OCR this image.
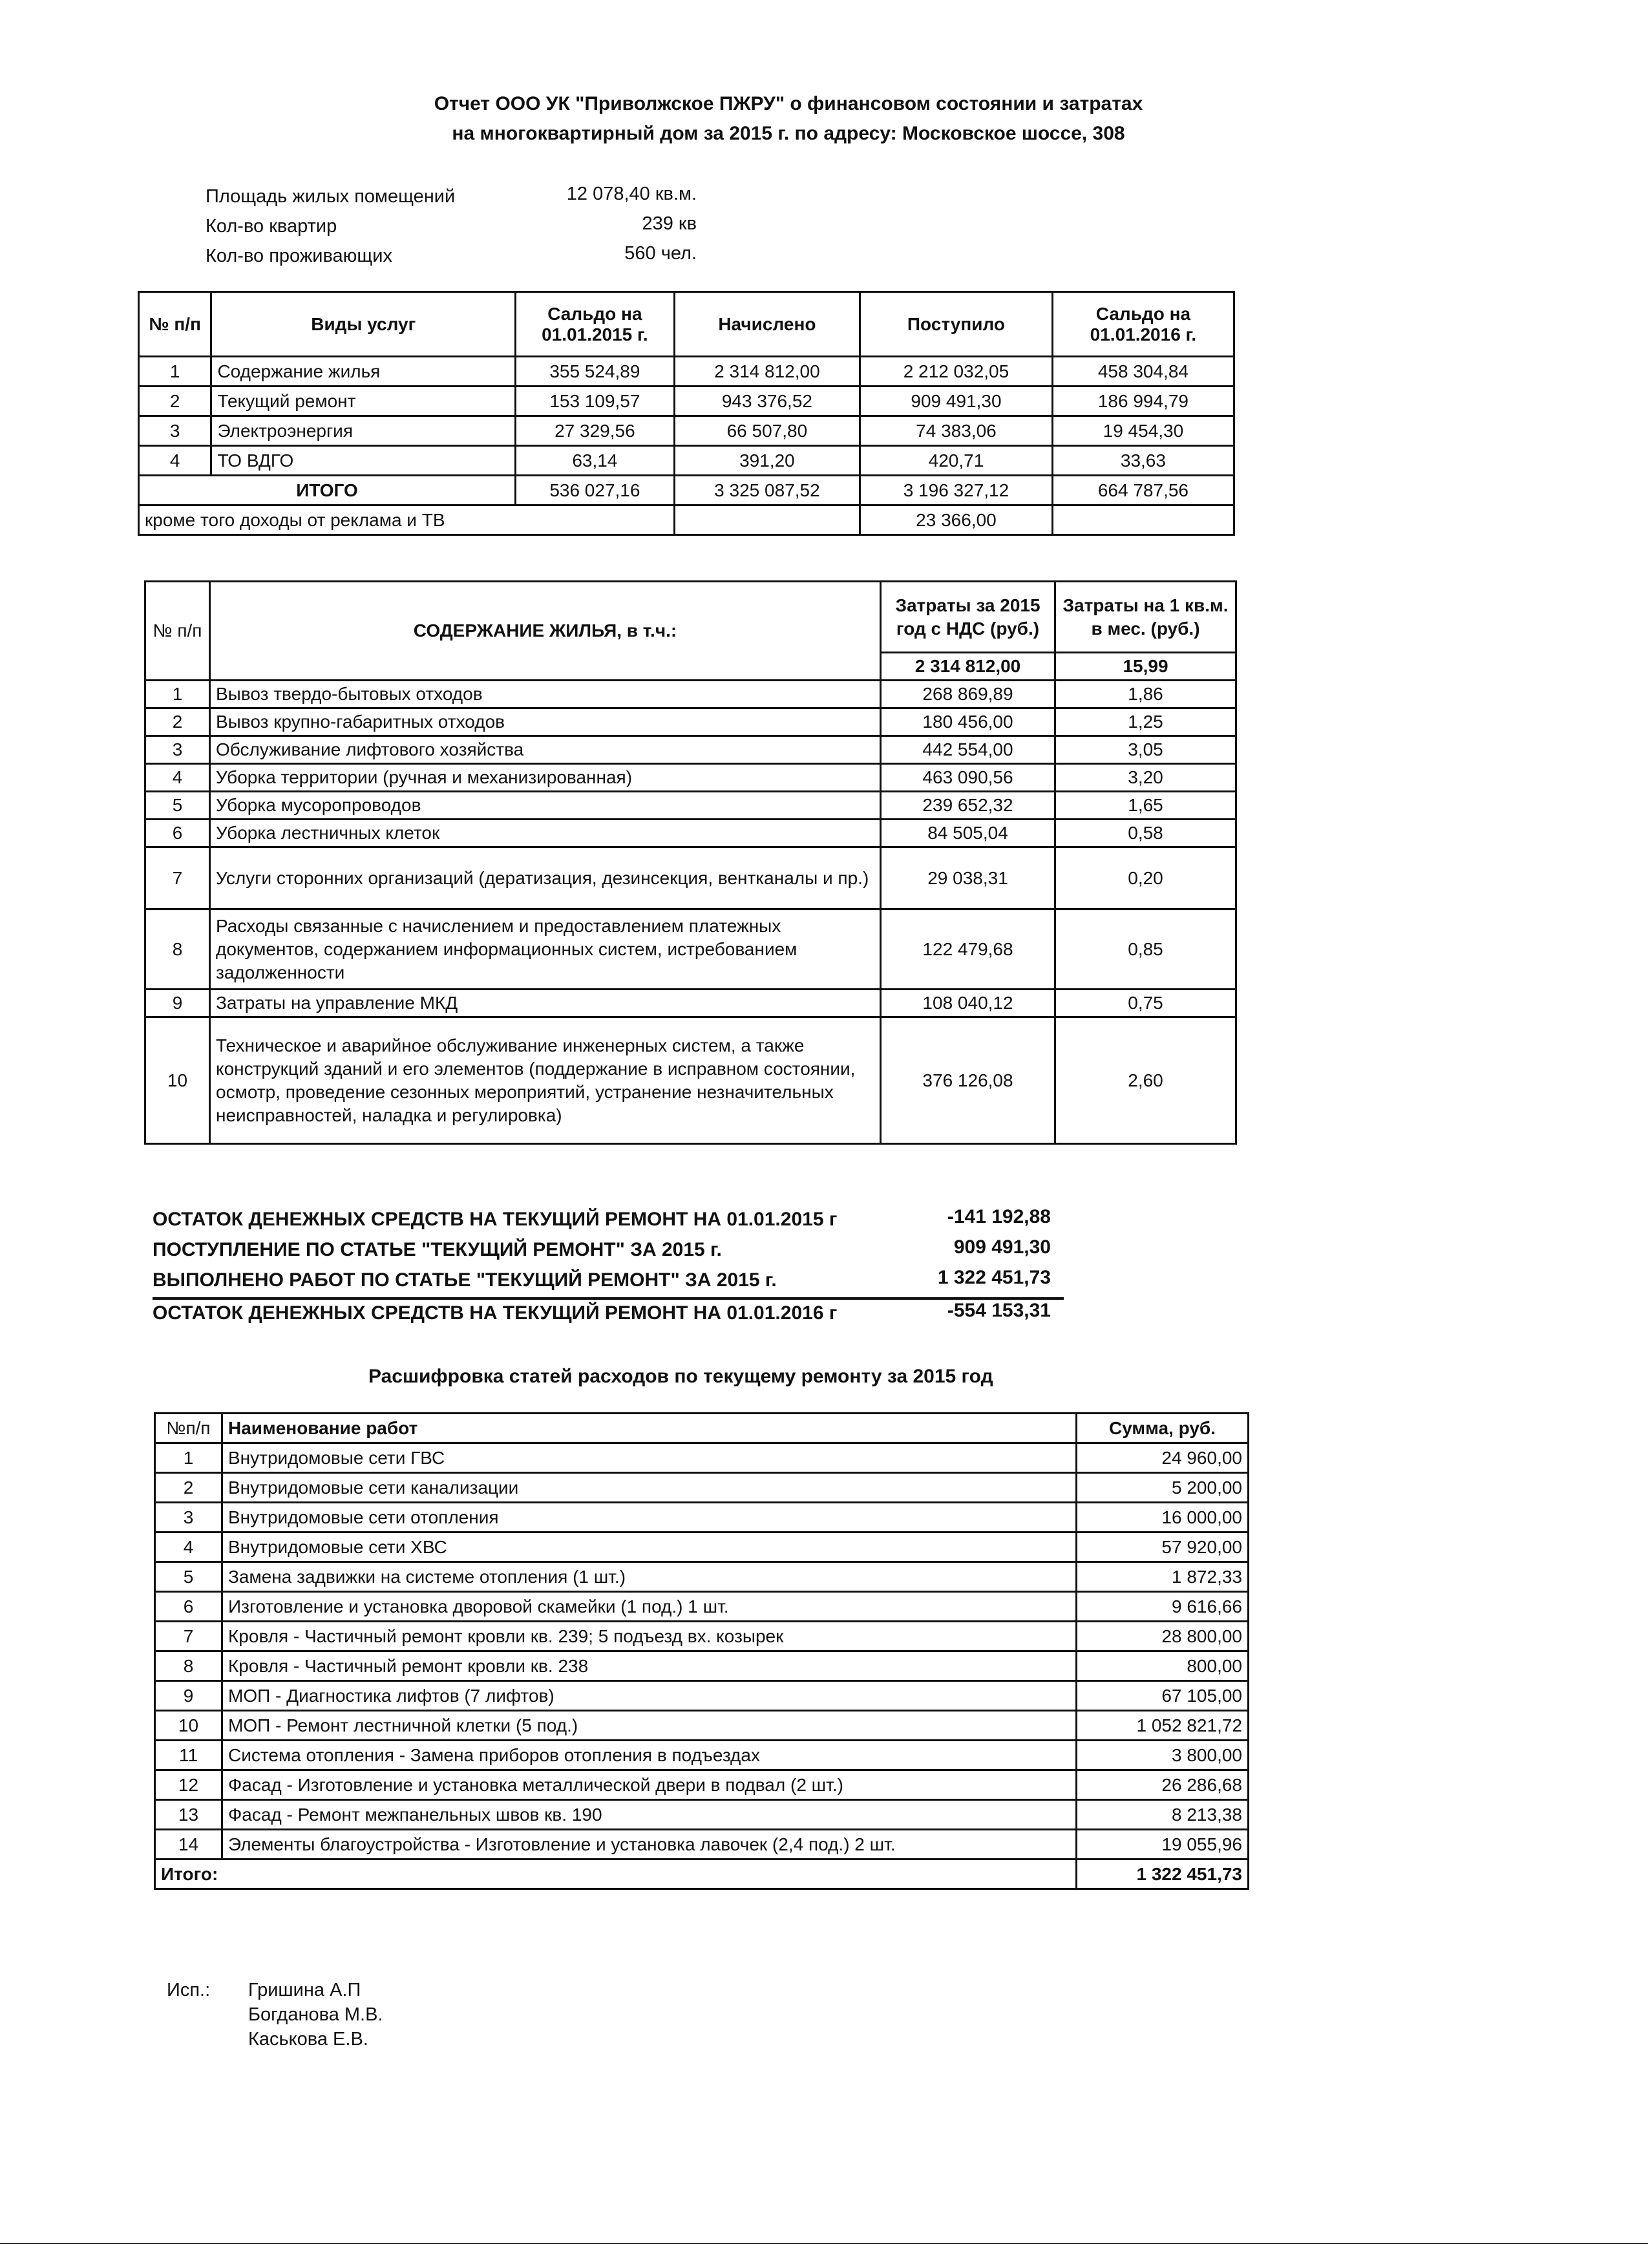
Отчет ООО УК "Приволжское ПЖРУ" о финансовом состоянии и затратах
на многоквартирный дом за 2015 г. по адресу: Московское шоссе, 308
Площадь жилых помещений	12 078,40 кв.м.
Кол-во квартир	239 кв
Кол-во проживающих	560 чел.
№ п/п	Виды услуг	Сальдо на 01.01.2015 г.	Начислено	Поступило	Сальдо на 01.01.2016 г.
1	Содержание жилья	355 524,89	2 314 812,00	2 212 032,05	458 304,84
2	Текущий ремонт	153 109,57	943 376,52	909 491,30	186 994,79
3	Электроэнергия	27 329,56	66 507,80	74 383,06	19 454,30
4	ТО ВДГО	63,14	391,20	420,71	33,63
ИТОГО		536 027,16	3 325 087,52	3 196 327,12	664 787,56
кроме того доходы от реклама и ТВ				23 366,00	
№ п/п	СОДЕРЖАНИЕ ЖИЛЬЯ, в т.ч.:	Затраты за 2015 год с НДС (руб.)	Затраты на 1 кв.м. в мес. (руб.)
		2 314 812,00	15,99
1	Вывоз твердо-бытовых отходов	268 869,89	1,86
2	Вывоз крупно-габаритных отходов	180 456,00	1,25
3	Обслуживание лифтового хозяйства	442 554,00	3,05
4	Уборка территории (ручная и механизированная)	463 090,56	3,20
5	Уборка мусоропроводов	239 652,32	1,65
6	Уборка лестничных клеток	84 505,04	0,58
7	Услуги сторонних организаций (дератизация, дезинсекция, вентканалы и пр.)	29 038,31	0,20
8	Расходы связанные с начислением и предоставлением платежных документов, содержанием информационных систем, истребованием задолженности	122 479,68	0,85
9	Затраты на управление МКД	108 040,12	0,75
10	Техническое и аварийное обслуживание инженерных систем, а также конструкций зданий и его элементов (поддержание в исправном состоянии, осмотр, проведение сезонных мероприятий, устранение незначительных неисправностей, наладка и регулировка)	376 126,08	2,60
ОСТАТОК ДЕНЕЖНЫХ СРЕДСТВ НА ТЕКУЩИЙ РЕМОНТ НА 01.01.2015 г	-141 192,88
ПОСТУПЛЕНИЕ ПО СТАТЬЕ "ТЕКУЩИЙ РЕМОНТ" ЗА 2015 г.	909 491,30
ВЫПОЛНЕНО РАБОТ ПО СТАТЬЕ "ТЕКУЩИЙ РЕМОНТ" ЗА 2015 г.	1 322 451,73
ОСТАТОК ДЕНЕЖНЫХ СРЕДСТВ НА ТЕКУЩИЙ РЕМОНТ НА 01.01.2016 г	-554 153,31
Расшифровка статей расходов по текущему ремонту за 2015 год
№п/п	Наименование работ	Сумма, руб.
1	Внутридомовые сети ГВС	24 960,00
2	Внутридомовые сети канализации	5 200,00
3	Внутридомовые сети отопления	16 000,00
4	Внутридомовые сети ХВС	57 920,00
5	Замена задвижки на системе отопления (1 шт.)	1 872,33
6	Изготовление и установка дворовой скамейки (1 под.) 1 шт.	9 616,66
7	Кровля - Частичный ремонт кровли кв. 239; 5 подъезд вх. козырек	28 800,00
8	Кровля - Частичный ремонт кровли кв. 238	800,00
9	МОП - Диагностика лифтов (7 лифтов)	67 105,00
10	МОП - Ремонт лестничной клетки (5 под.)	1 052 821,72
11	Система отопления - Замена приборов отопления в подъездах	3 800,00
12	Фасад - Изготовление и установка металлической двери в подвал (2 шт.)	26 286,68
13	Фасад - Ремонт межпанельных швов кв. 190	8 213,38
14	Элементы благоустройства - Изготовление и установка лавочек (2,4 под.) 2 шт.	19 055,96
Итого:		1 322 451,73
Исп.: Гришина А.П
Богданова М.В.
Каськова Е.В.
